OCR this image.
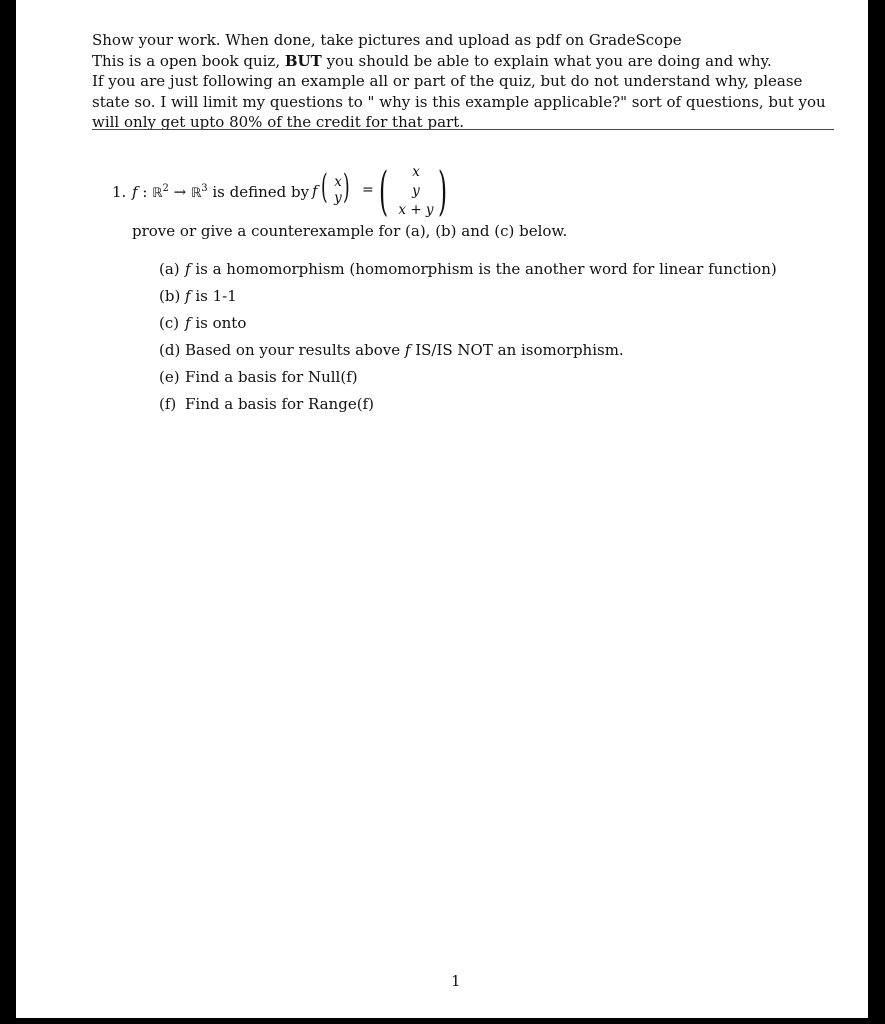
Show your work. When done, take pictures and upload as pdf on GradeScope
This is a open book quiz, BUT you should be able to explain what you are doing and why.
If you are just following an example all or part of the quiz, but do not understand why, please state so. I will limit my questions to " why is this example applicable?" sort of questions, but you will only get upto 80% of the credit for that part.
1. f : ℝ$^2$ → ℝ$^3$ is defined by f ( x
y ) = (	x
y
x + y )
prove or give a counterexample for (a), (b) and (c) below.
(a) f is a homomorphism (homomorphism is the another word for linear function)
(b) f is 1-1
(c) f is onto
(d) Based on your results above f IS/IS NOT an isomorphism.
(e) Find a basis for Null(f)
(f) Find a basis for Range(f)
1
